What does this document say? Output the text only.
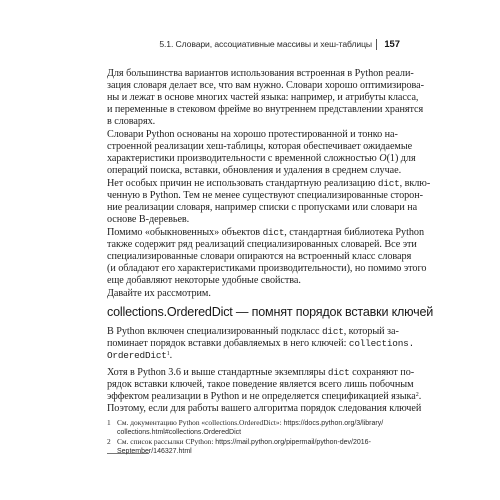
5.1. Словари, ассоциативные массивы и хеш-таблицы 157
Для большинства вариантов использования встроенная в Python реали-
зация словаря делает все, что вам нужно. Словари хорошо оптимизирова-
ны и лежат в основе многих частей языка: например, и атрибуты класса,
и переменные в стековом фрейме во внутреннем представлении хранятся
в словарях.
Словари Python основаны на хорошо протестированной и тонко на-
строенной реализации хеш-таблицы, которая обеспечивает ожидаемые
характеристики производительности с временной сложностью O(1) для
операций поиска, вставки, обновления и удаления в среднем случае.
Нет особых причин не использовать стандартную реализацию dict, вклю-
ченную в Python. Тем не менее существуют специализированные сторон-
ние реализации словаря, например списки с пропусками или словари на
основе B-деревьев.
Помимо «обыкновенных» объектов dict, стандартная библиотека Python
также содержит ряд реализаций специализированных словарей. Все эти
специализированные словари опираются на встроенный класс словаря
(и обладают его характеристиками производительности), но помимо этого
еще добавляют некоторые удобные свойства.
collections.OrderedDict — помнят порядок вставки ключей
В Python включен специализированный подкласс dict, который за-
поминает порядок вставки добавляемых в него ключей: collections.
OrderedDict$^1$.
Хотя в Python 3.6 и выше стандартные экземпляры dict сохраняют по-
рядок вставки ключей, такое поведение является всего лишь побочным
эффектом реализации в Python и не определяется спецификацией языка$^2$.
Поэтому, если для работы вашего алгоритма порядок следования ключей
1 См. документацию Python «collections.OrderedDict»: https://docs.python.org/3/library/
collections.html#collections.OrderedDict
2 См. список рассылки CPython: https://mail.python.org/pipermail/python-dev/2016-
September/146327.html
Давайте их рассмотрим.
